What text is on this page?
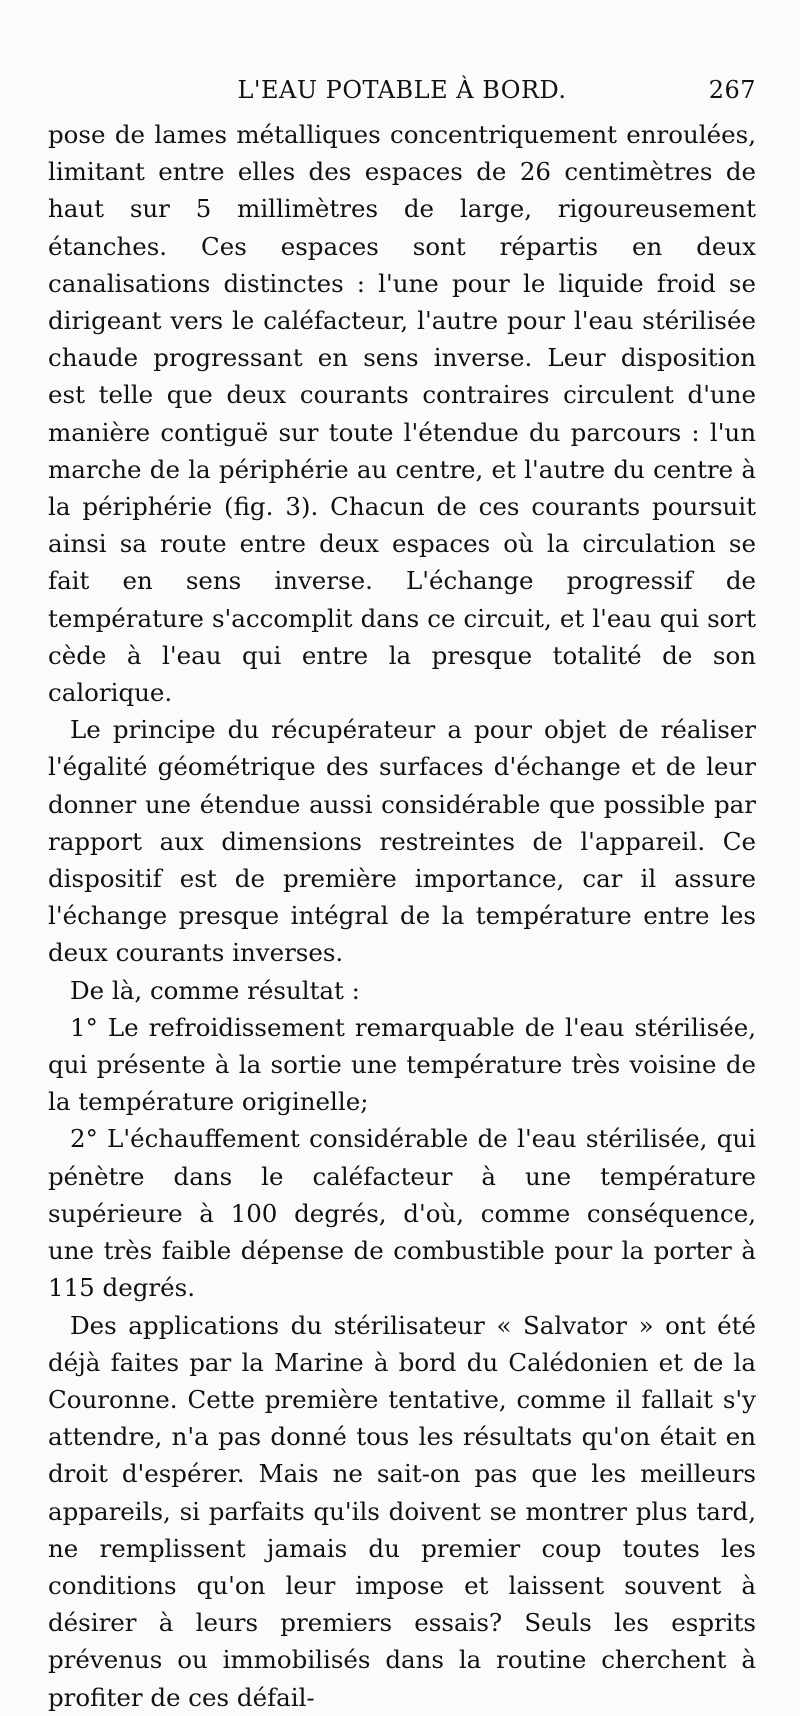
L'EAU POTABLE À BORD.	267

pose de lames métalliques concentriquement enroulées, limitant entre elles des espaces de 26 centimètres de haut sur 5 millimètres de large, rigoureusement étanches. Ces espaces sont répartis en deux canalisations distinctes : l'une pour le liquide froid se dirigeant vers le caléfacteur, l'autre pour l'eau stérilisée chaude progressant en sens inverse. Leur disposition est telle que deux courants contraires circulent d'une manière contiguë sur toute l'étendue du parcours : l'un marche de la périphérie au centre, et l'autre du centre à la périphérie (fig. 3). Chacun de ces courants poursuit ainsi sa route entre deux espaces où la circulation se fait en sens inverse. L'échange progressif de température s'accomplit dans ce circuit, et l'eau qui sort cède à l'eau qui entre la presque totalité de son calorique.

Le principe du récupérateur a pour objet de réaliser l'égalité géométrique des surfaces d'échange et de leur donner une étendue aussi considérable que possible par rapport aux dimensions restreintes de l'appareil. Ce dispositif est de première importance, car il assure l'échange presque intégral de la température entre les deux courants inverses.

De là, comme résultat :

1° Le refroidissement remarquable de l'eau stérilisée, qui présente à la sortie une température très voisine de la température originelle;

2° L'échauffement considérable de l'eau stérilisée, qui pénètre dans le caléfacteur à une température supérieure à 100 degrés, d'où, comme conséquence, une très faible dépense de combustible pour la porter à 115 degrés.

Des applications du stérilisateur « Salvator » ont été déjà faites par la Marine à bord du Calédonien et de la Couronne. Cette première tentative, comme il fallait s'y attendre, n'a pas donné tous les résultats qu'on était en droit d'espérer. Mais ne sait-on pas que les meilleurs appareils, si parfaits qu'ils doivent se montrer plus tard, ne remplissent jamais du premier coup toutes les conditions qu'on leur impose et laissent souvent à désirer à leurs premiers essais? Seuls les esprits prévenus ou immobilisés dans la routine cherchent à profiter de ces défail-
